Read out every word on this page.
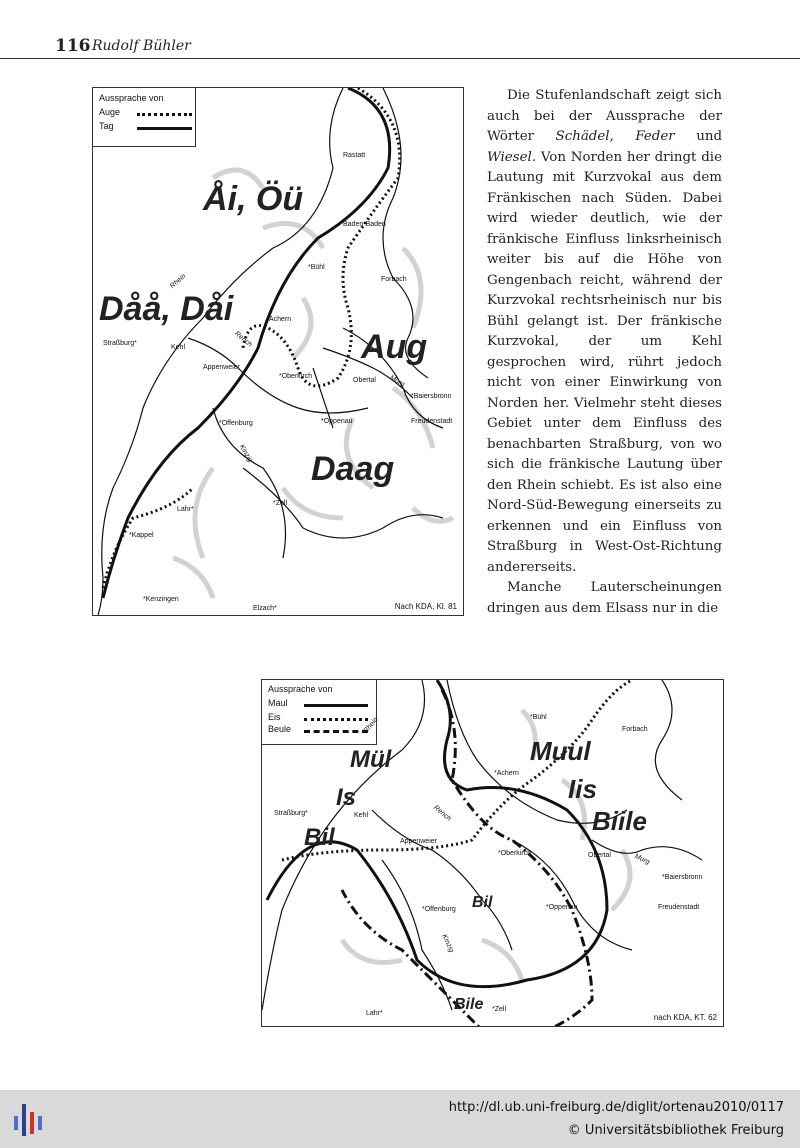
116 Rudolf Bühler
Aussprache von
Auge
Tag
Åi, Öü
Dåå, Dåi
Aug
Daag
Rastatt
Baden-Baden
*Bühl
Forbach
Achern
Straßburg*
Kehl
Appenweier
*Oberkirch
Obertal
*Baiersbronn
*Offenburg	*Oppenau	Freudenstadt
Lahr*
*Zell
*Kappel
*Kenzingen
Elzach*
Rhein
Rench
Murg
Kinzig
Nach KDA, Kl. 81

Die Stufenlandschaft zeigt sich auch bei der Aussprache der Wörter Schädel, Feder und Wiesel. Von Norden her dringt die Lautung mit Kurzvokal aus dem Fränkischen nach Süden. Dabei wird wieder deutlich, wie der fränkische Einfluss linksrheinisch weiter bis auf die Höhe von Gengenbach reicht, während der Kurzvokal rechtsrheinisch nur bis Bühl gelangt ist. Der fränkische Kurzvokal, der um Kehl gesprochen wird, rührt jedoch nicht von einer Einwirkung von Norden her. Vielmehr steht dieses Gebiet unter dem Einfluss des benachbarten Straßburg, von wo sich die fränkische Lautung über den Rhein schiebt. Es ist also eine Nord-Süd-Bewegung einerseits zu erkennen und ein Einfluss von Straßburg in West-Ost-Richtung andererseits.

Manche Lauterscheinungen dringen aus dem Elsass nur in die

Aussprache von
Maul
Eis
Beule
Mül
Is
Bil
Muul
Iis
Biile
Bil
Bile
*Bühl
Forbach
*Achern
Straßburg*	Kehl
Appenweier
*Oberkirch	Obertal
*Baiersbronn
*Offenburg	*Oppenau	Freudenstadt
Lahr*
*Zell
Rhein
Rench
Murg
Kinzig
nach KDA, KT. 62
http://dl.ub.uni-freiburg.de/diglit/ortenau2010/0117
© Universitätsbibliothek Freiburg
